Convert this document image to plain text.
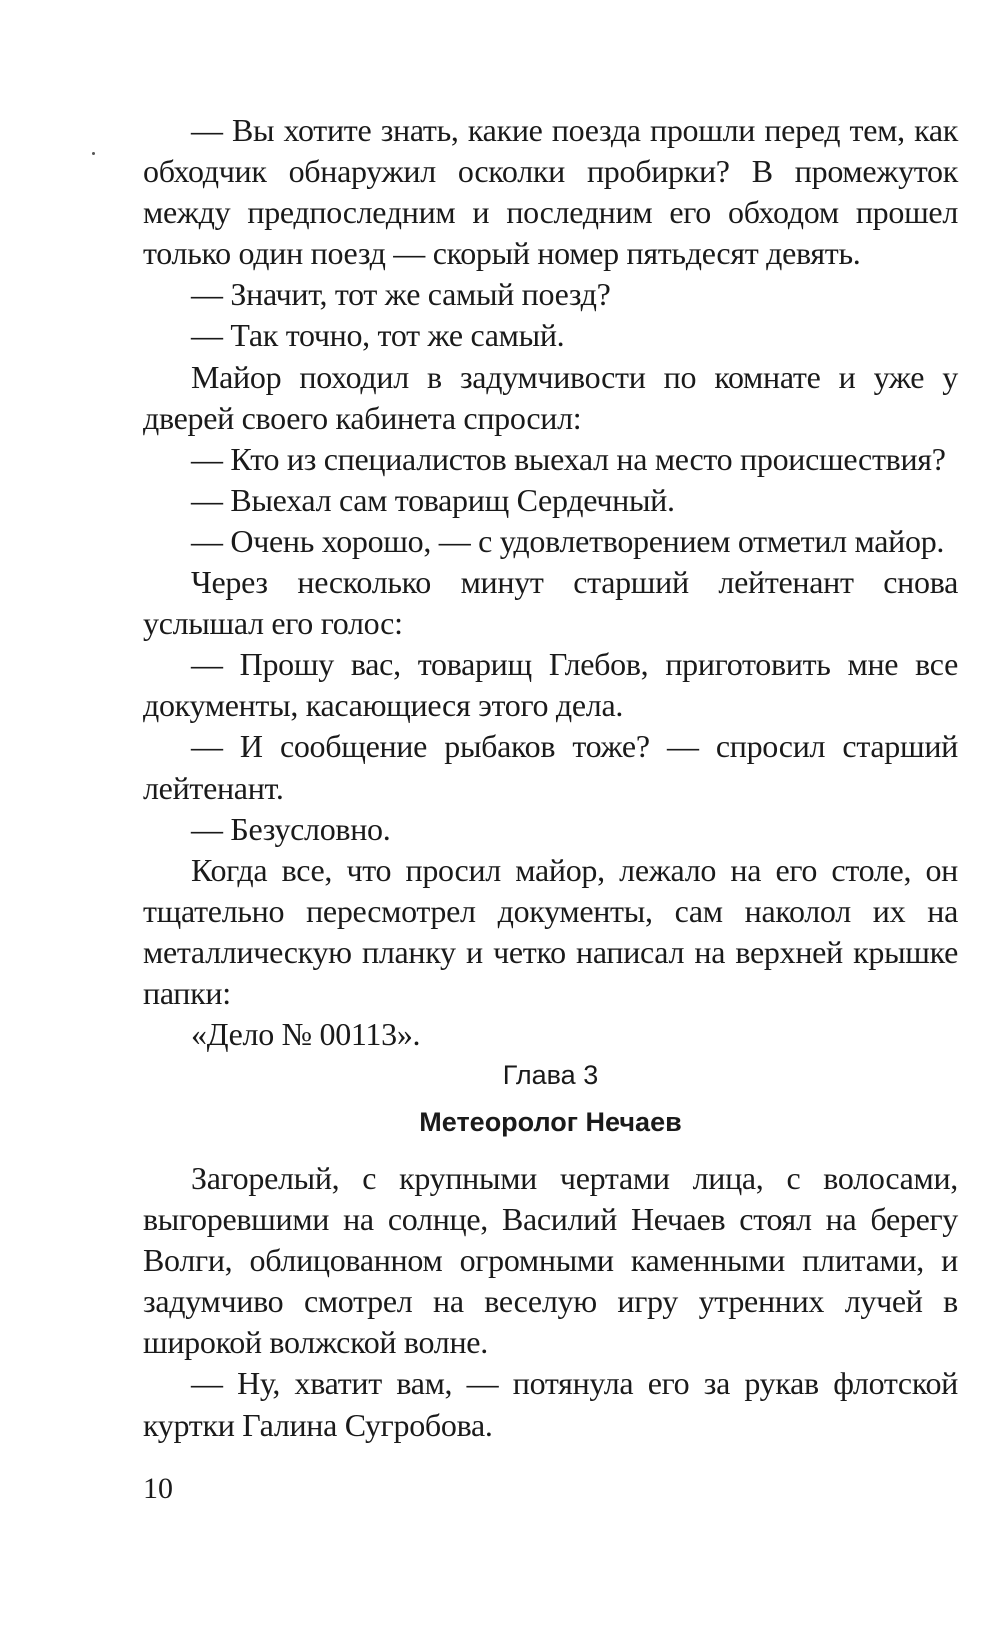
— Вы хотите знать, какие поезда прошли перед тем, как обходчик обнаружил осколки пробирки? В промежуток между предпоследним и последним его обходом прошел только один поезд — скорый номер пятьдесят девять.

— Значит, тот же самый поезд?

— Так точно, тот же самый.

Майор походил в задумчивости по комнате и уже у дверей своего кабинета спросил:

— Кто из специалистов выехал на место происшествия?

— Выехал сам товарищ Сердечный.

— Очень хорошо, — с удовлетворением отметил майор.

Через несколько минут старший лейтенант снова услышал его голос:

— Прошу вас, товарищ Глебов, приготовить мне все документы, касающиеся этого дела.

— И сообщение рыбаков тоже? — спросил старший лейтенант.

— Безусловно.

Когда все, что просил майор, лежало на его столе, он тщательно пересмотрел документы, сам наколол их на металлическую планку и четко написал на верхней крышке папки:

«Дело № 00113».

Глава 3
Метеоролог Нечаев

Загорелый, с крупными чертами лица, с волосами, выгоревшими на солнце, Василий Нечаев стоял на берегу Волги, облицованном огромными каменными плитами, и задумчиво смотрел на веселую игру утренних лучей в широкой волжской волне.

— Ну, хватит вам, — потянула его за рукав флотской куртки Галина Сугробова.

10
